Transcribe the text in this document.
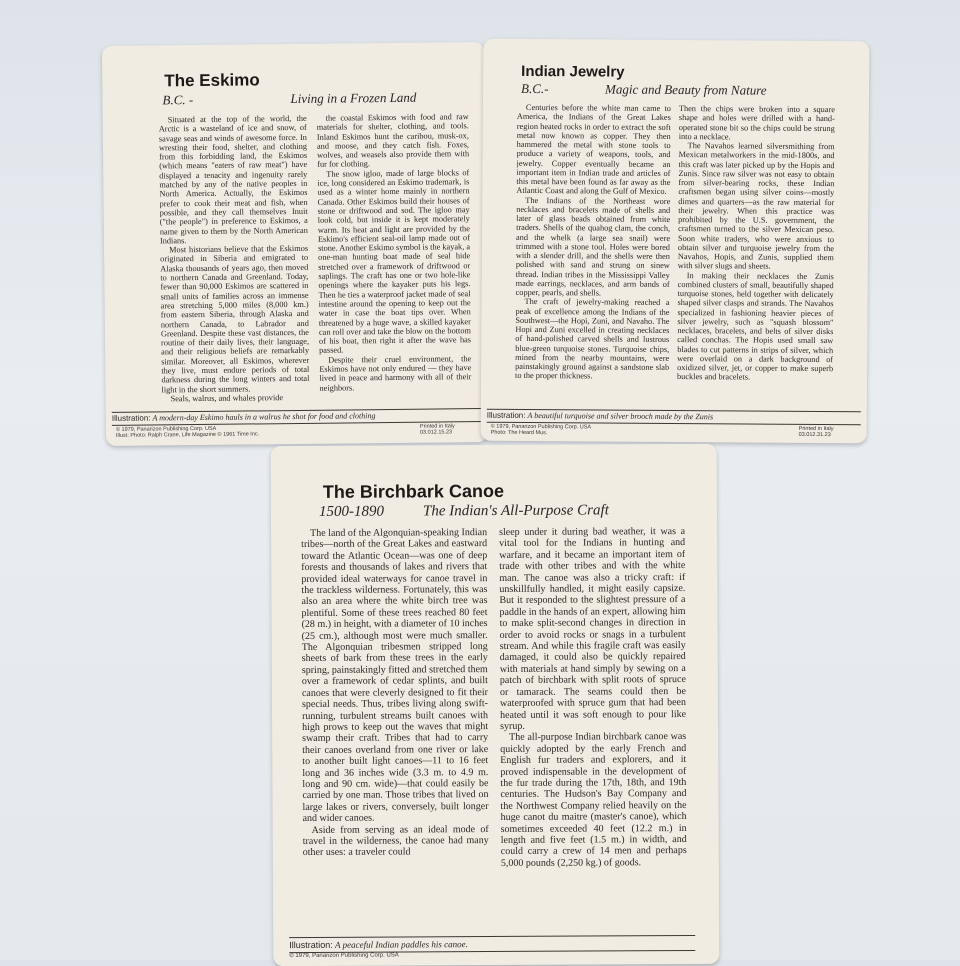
The Eskimo
B.C. -	Living in a Frozen Land

Situated at the top of the world, the Arctic is a wasteland of ice and snow, of savage seas and winds of awesome force. In wresting their food, shelter, and clothing from this forbidding land, the Eskimos (which means "eaters of raw meat") have displayed a tenacity and ingenuity rarely matched by any of the native peoples in North America. Actually, the Eskimos prefer to cook their meat and fish, when possible, and they call themselves Inuit ("the people") in preference to Eskimos, a name given to them by the North American Indians.

Most historians believe that the Eskimos originated in Siberia and emigrated to Alaska thousands of years ago, then moved to northern Canada and Greenland. Today, fewer than 90,000 Eskimos are scattered in small units of families across an immense area stretching 5,000 miles (8,000 km.) from eastern Siberia, through Alaska and northern Canada, to Labrador and Greenland. Despite these vast distances, the routine of their daily lives, their language, and their religious beliefs are remarkably similar. Moreover, all Eskimos, wherever they live, must endure periods of total darkness during the long winters and total light in the short summers.

Seals, walrus, and whales provide

the coastal Eskimos with food and raw materials for shelter, clothing, and tools. Inland Eskimos hunt the caribou, musk-ox, and moose, and they catch fish. Foxes, wolves, and weasels also provide them with fur for clothing.

The snow igloo, made of large blocks of ice, long considered an Eskimo trademark, is used as a winter home mainly in northern Canada. Other Eskimos build their houses of stone or driftwood and sod. The igloo may look cold, but inside it is kept moderately warm. Its heat and light are provided by the Eskimo's efficient seal-oil lamp made out of stone. Another Eskimo symbol is the kayak, a one-man hunting boat made of seal hide stretched over a framework of driftwood or saplings. The craft has one or two hole-like openings where the kayaker puts his legs. Then he ties a waterproof jacket made of seal intestine around the opening to keep out the water in case the boat tips over. When threatened by a huge wave, a skilled kayaker can roll over and take the blow on the bottom of his boat, then right it after the wave has passed.

Despite their cruel environment, the Eskimos have not only endured — they have lived in peace and harmony with all of their neighbors.

Illustration: A modern-day Eskimo hauls in a walrus he shot for food and clothing
© 1979, Panarizon Publishing Corp. USA
Illust: Photo: Ralph Crane, Life Magazine © 1961 Time Inc.
Printed in Italy
03.012.15.23
Indian Jewelry
B.C.-	Magic and Beauty from Nature

Centuries before the white man came to America, the Indians of the Great Lakes region heated rocks in order to extract the soft metal now known as copper. They then hammered the metal with stone tools to produce a variety of weapons, tools, and jewelry. Copper eventually became an important item in Indian trade and articles of this metal have been found as far away as the Atlantic Coast and along the Gulf of Mexico.

The Indians of the Northeast wore necklaces and bracelets made of shells and later of glass beads obtained from white traders. Shells of the quahog clam, the conch, and the whelk (a large sea snail) were trimmed with a stone tool. Holes were bored with a slender drill, and the shells were then polished with sand and strung on sinew thread. Indian tribes in the Mississippi Valley made earrings, necklaces, and arm bands of copper, pearls, and shells.

The craft of jewelry-making reached a peak of excellence among the Indians of the Southwest—the Hopi, Zuni, and Navaho. The Hopi and Zuni excelled in creating necklaces of hand-polished carved shells and lustrous blue-green turquoise stones. Turquoise chips, mined from the nearby mountains, were painstakingly ground against a sandstone slab to the proper thickness.

Then the chips were broken into a square shape and holes were drilled with a hand-operated stone bit so the chips could be strung into a necklace.

The Navahos learned silversmithing from Mexican metalworkers in the mid-1800s, and this craft was later picked up by the Hopis and Zunis. Since raw silver was not easy to obtain from silver-bearing rocks, these Indian craftsmen began using silver coins—mostly dimes and quarters—as the raw material for their jewelry. When this practice was prohibited by the U.S. government, the craftsmen turned to the silver Mexican peso. Soon white traders, who were anxious to obtain silver and turquoise jewelry from the Navahos, Hopis, and Zunis, supplied them with silver slugs and sheets.

In making their necklaces the Zunis combined clusters of small, beautifully shaped turquoise stones, held together with delicately shaped silver clasps and strands. The Navahos specialized in fashioning heavier pieces of silver jewelry, such as "squash blossom" necklaces, bracelets, and belts of silver disks called conchas. The Hopis used small saw blades to cut patterns in strips of silver, which were overlaid on a dark background of oxidized silver, jet, or copper to make superb buckles and bracelets.

Illustration: A beautiful turquoise and silver brooch made by the Zunis
© 1979, Panarizon Publishing Corp. USA
Photo: The Heard Mus.
Printed in Italy
03.012.31.23
The Birchbark Canoe
1500-1890	The Indian's All-Purpose Craft

The land of the Algonquian-speaking Indian tribes—north of the Great Lakes and eastward toward the Atlantic Ocean—was one of deep forests and thousands of lakes and rivers that provided ideal waterways for canoe travel in the trackless wilderness. Fortunately, this was also an area where the white birch tree was plentiful. Some of these trees reached 80 feet (28 m.) in height, with a diameter of 10 inches (25 cm.), although most were much smaller. The Algonquian tribesmen stripped long sheets of bark from these trees in the early spring, painstakingly fitted and stretched them over a framework of cedar splints, and built canoes that were cleverly designed to fit their special needs. Thus, tribes living along swift-running, turbulent streams built canoes with high prows to keep out the waves that might swamp their craft. Tribes that had to carry their canoes overland from one river or lake to another built light canoes—11 to 16 feet long and 36 inches wide (3.3 m. to 4.9 m. long and 90 cm. wide)—that could easily be carried by one man. Those tribes that lived on large lakes or rivers, conversely, built longer and wider canoes.

Aside from serving as an ideal mode of travel in the wilderness, the canoe had many other uses: a traveler could

sleep under it during bad weather, it was a vital tool for the Indians in hunting and warfare, and it became an important item of trade with other tribes and with the white man. The canoe was also a tricky craft: if unskillfully handled, it might easily capsize. But it responded to the slightest pressure of a paddle in the hands of an expert, allowing him to make split-second changes in direction in order to avoid rocks or snags in a turbulent stream. And while this fragile craft was easily damaged, it could also be quickly repaired with materials at hand simply by sewing on a patch of birchbark with split roots of spruce or tamarack. The seams could then be waterproofed with spruce gum that had been heated until it was soft enough to pour like syrup.

The all-purpose Indian birchbark canoe was quickly adopted by the early French and English fur traders and explorers, and it proved indispensable in the development of the fur trade during the 17th, 18th, and 19th centuries. The Hudson's Bay Company and the Northwest Company relied heavily on the huge canot du maitre (master's canoe), which sometimes exceeded 40 feet (12.2 m.) in length and five feet (1.5 m.) in width, and could carry a crew of 14 men and perhaps 5,000 pounds (2,250 kg.) of goods.

Illustration: A peaceful Indian paddles his canoe.
© 1979, Panarizon Publishing Corp. USA
